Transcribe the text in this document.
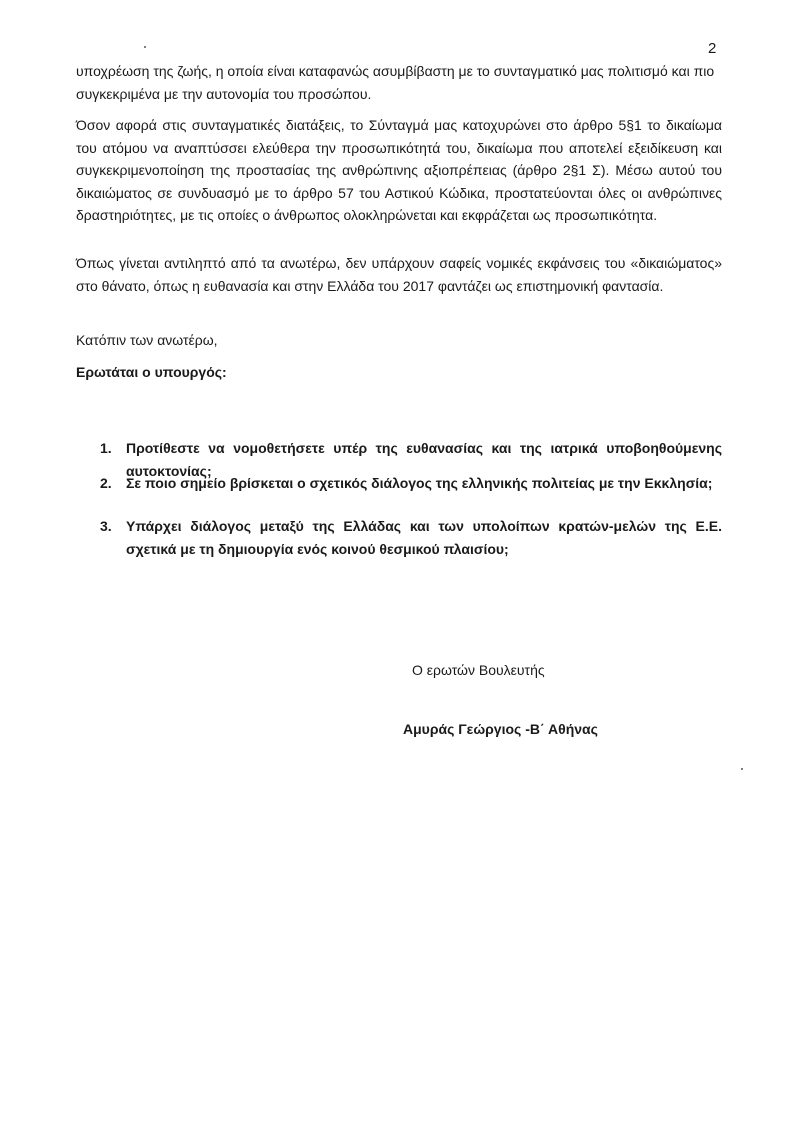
2

υποχρέωση της ζωής, η οποία είναι καταφανώς ασυμβίβαστη με το συνταγματικό μας πολιτισμό και πιο συγκεκριμένα με την αυτονομία του προσώπου.

Όσον αφορά στις συνταγματικές διατάξεις, το Σύνταγμά μας κατοχυρώνει στο άρθρο 5§1 το δικαίωμα του ατόμου να αναπτύσσει ελεύθερα την προσωπικότητά του, δικαίωμα που αποτελεί εξειδίκευση και συγκεκριμενοποίηση της προστασίας της ανθρώπινης αξιοπρέπειας (άρθρο 2§1 Σ). Μέσω αυτού του δικαιώματος σε συνδυασμό με το άρθρο 57 του Αστικού Κώδικα, προστατεύονται όλες οι ανθρώπινες δραστηριότητες, με τις οποίες ο άνθρωπος ολοκληρώνεται και εκφράζεται ως προσωπικότητα.

Όπως γίνεται αντιληπτό από τα ανωτέρω, δεν υπάρχουν σαφείς νομικές εκφάνσεις του «δικαιώματος» στο θάνατο, όπως η ευθανασία και στην Ελλάδα του 2017 φαντάζει ως επιστημονική φαντασία.

Κατόπιν των ανωτέρω,

Ερωτάται ο υπουργός:

1.	Προτίθεστε να νομοθετήσετε υπέρ της ευθανασίας και της ιατρικά υποβοηθούμενης αυτοκτονίας;
2.	Σε ποιο σημείο βρίσκεται ο σχετικός διάλογος της ελληνικής πολιτείας με την Εκκλησία;
3.	Υπάρχει διάλογος μεταξύ της Ελλάδας και των υπολοίπων κρατών-μελών της Ε.Ε. σχετικά με τη δημιουργία ενός κοινού θεσμικού πλαισίου;
Ο ερωτών Βουλευτής
Αμυράς Γεώργιος -Β΄ Αθήνας
